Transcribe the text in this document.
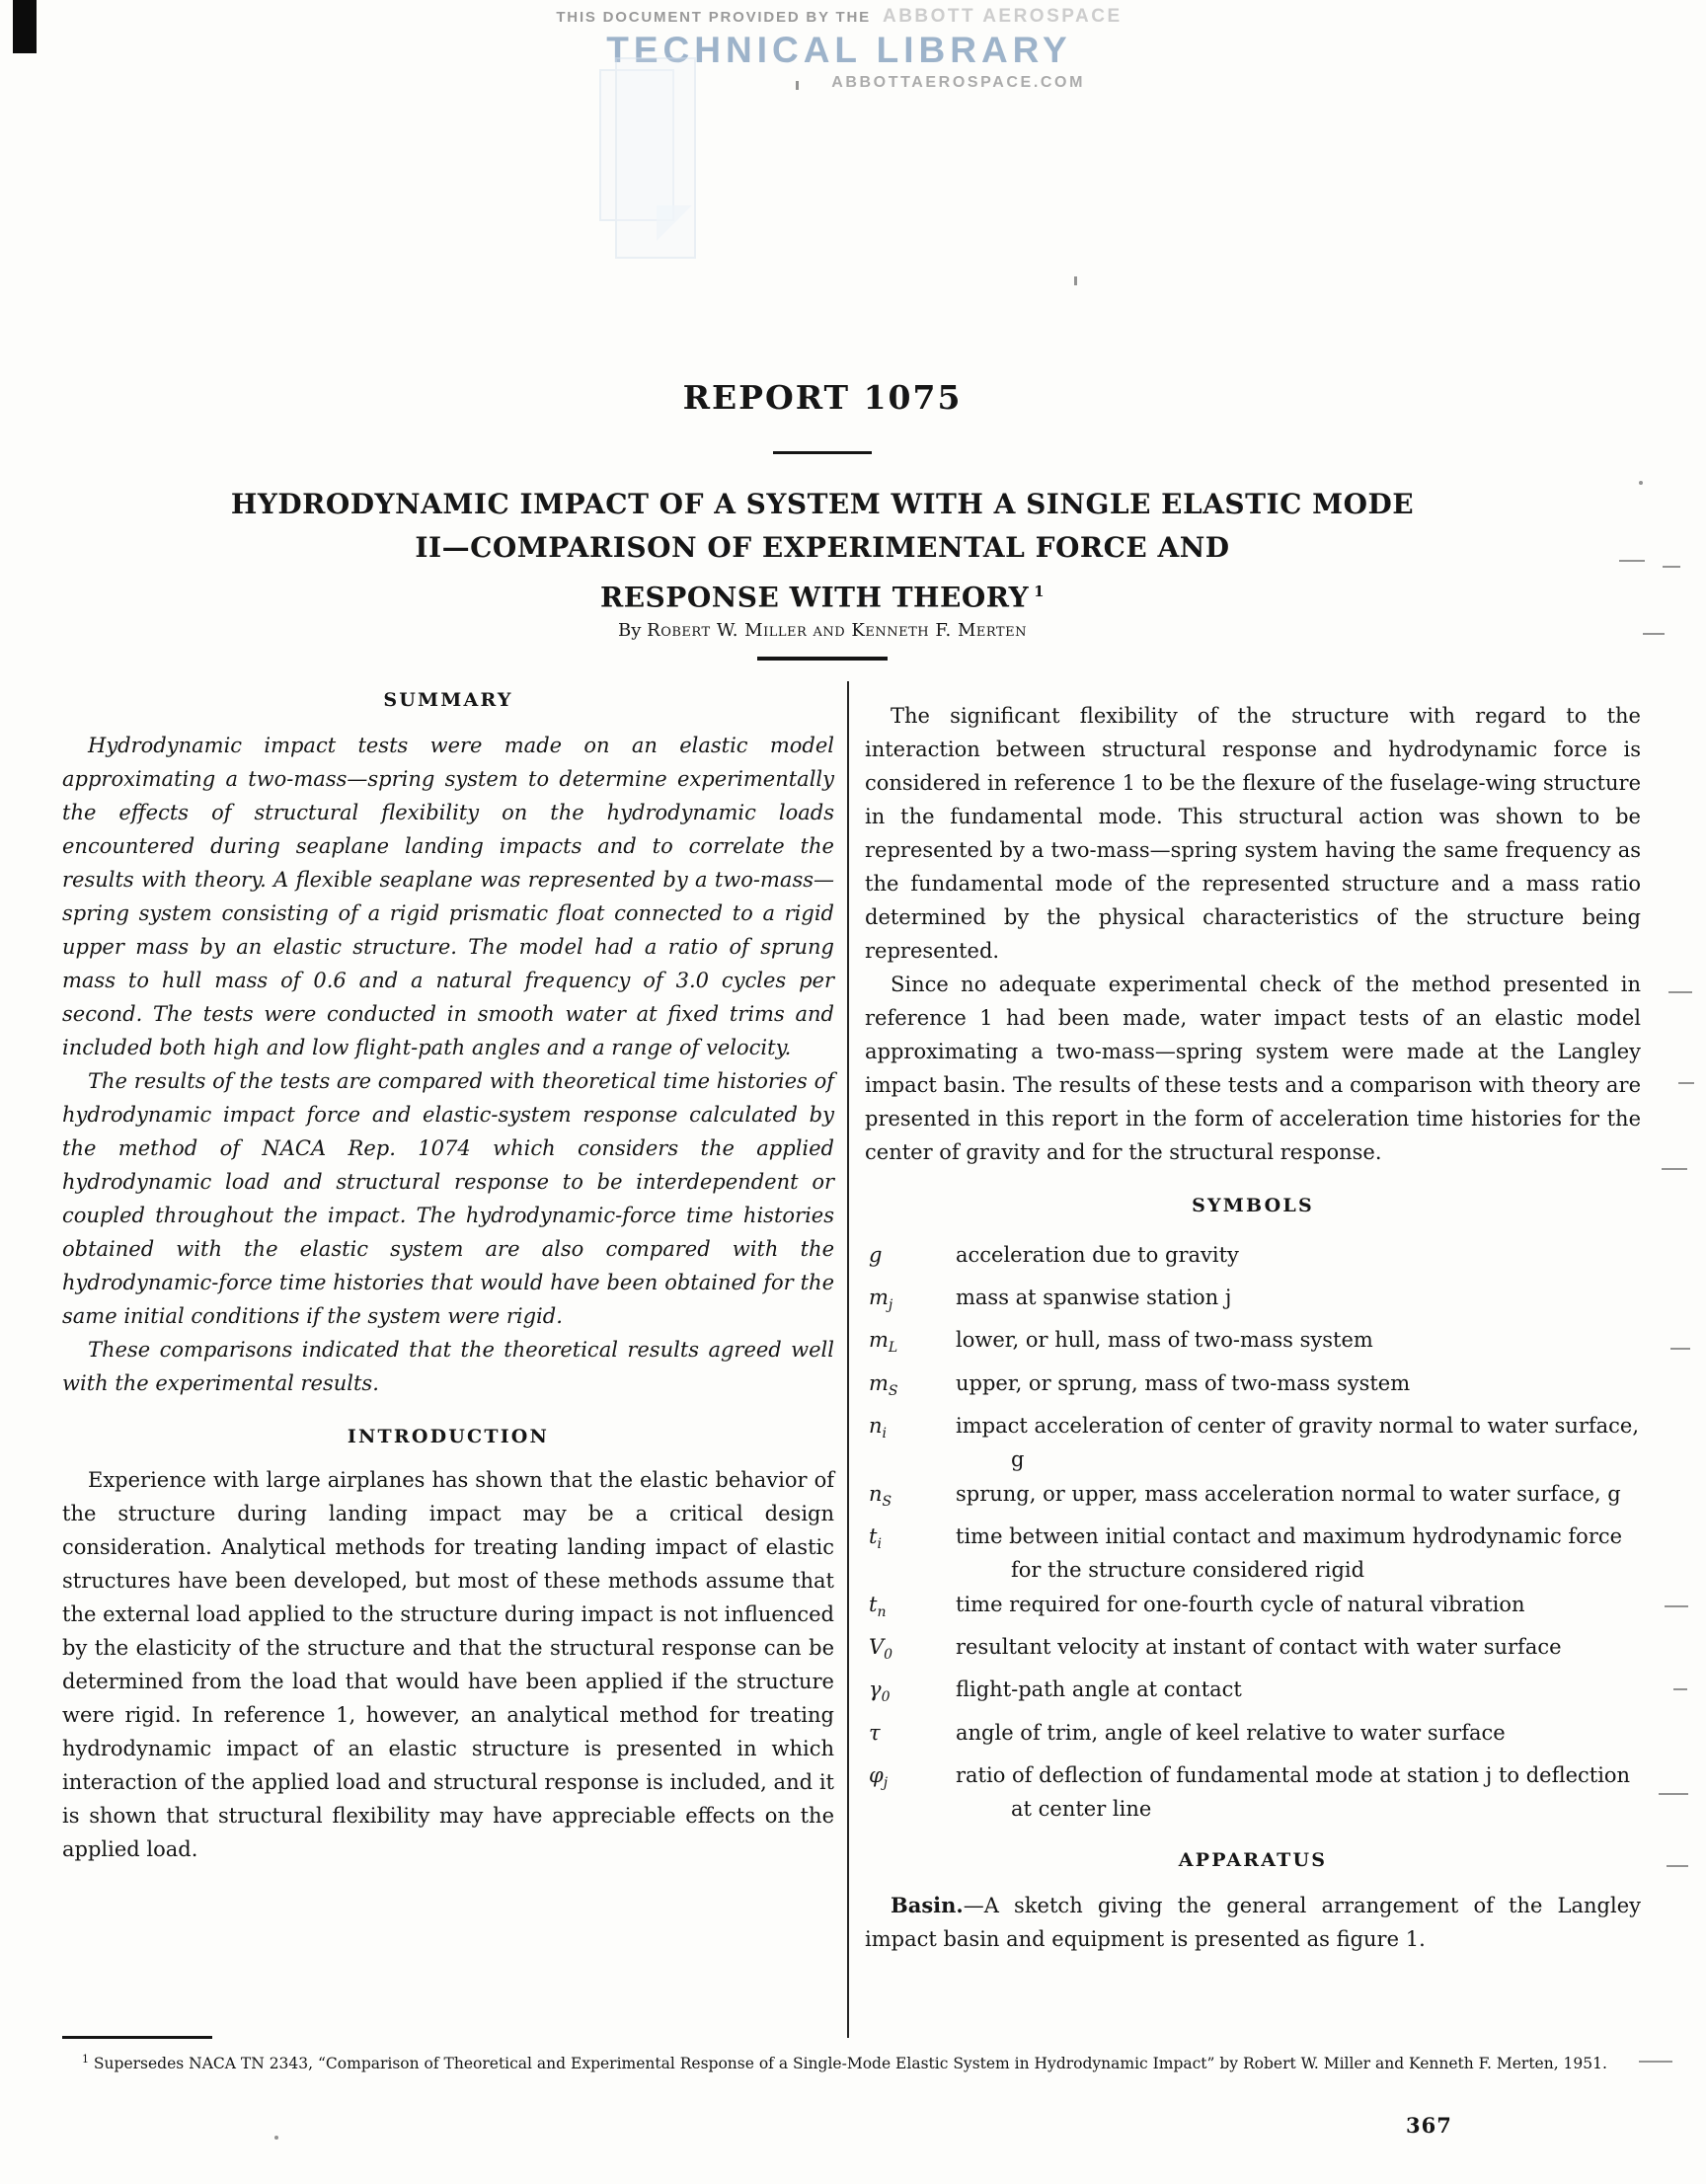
THIS DOCUMENT PROVIDED BY THE ABBOTT AEROSPACE
TECHNICAL LIBRARY
ABBOTTAEROSPACE.COM
REPORT 1075
HYDRODYNAMIC IMPACT OF A SYSTEM WITH A SINGLE ELASTIC MODE
II—COMPARISON OF EXPERIMENTAL FORCE AND
RESPONSE WITH THEORY $^1$
By Robert W. Miller and Kenneth F. Merten
SUMMARY

Hydrodynamic impact tests were made on an elastic model approximating a two-mass—spring system to determine experimentally the effects of structural flexibility on the hydrodynamic loads encountered during seaplane landing impacts and to correlate the results with theory. A flexible seaplane was represented by a two-mass—spring system consisting of a rigid prismatic float connected to a rigid upper mass by an elastic structure. The model had a ratio of sprung mass to hull mass of 0.6 and a natural frequency of 3.0 cycles per second. The tests were conducted in smooth water at fixed trims and included both high and low flight-path angles and a range of velocity.

The results of the tests are compared with theoretical time histories of hydrodynamic impact force and elastic-system response calculated by the method of NACA Rep. 1074 which considers the applied hydrodynamic load and structural response to be interdependent or coupled throughout the impact. The hydrodynamic-force time histories obtained with the elastic system are also compared with the hydrodynamic-force time histories that would have been obtained for the same initial conditions if the system were rigid.

These comparisons indicated that the theoretical results agreed well with the experimental results.

INTRODUCTION

Experience with large airplanes has shown that the elastic behavior of the structure during landing impact may be a critical design consideration. Analytical methods for treating landing impact of elastic structures have been developed, but most of these methods assume that the external load applied to the structure during impact is not influenced by the elasticity of the structure and that the structural response can be determined from the load that would have been applied if the structure were rigid. In reference 1, however, an analytical method for treating hydrodynamic impact of an elastic structure is presented in which interaction of the applied load and structural response is included, and it is shown that structural flexibility may have appreciable effects on the applied load.

The significant flexibility of the structure with regard to the interaction between structural response and hydrodynamic force is considered in reference 1 to be the flexure of the fuselage-wing structure in the fundamental mode. This structural action was shown to be represented by a two-mass—spring system having the same frequency as the fundamental mode of the represented structure and a mass ratio determined by the physical characteristics of the structure being represented.

Since no adequate experimental check of the method presented in reference 1 had been made, water impact tests of an elastic model approximating a two-mass—spring system were made at the Langley impact basin. The results of these tests and a comparison with theory are presented in this report in the form of acceleration time histories for the center of gravity and for the structural response.

SYMBOLS
g	acceleration due to gravity
$m_j$	mass at spanwise station j
$m_L$	lower, or hull, mass of two-mass system
$m_S$	upper, or sprung, mass of two-mass system
$n_i$	impact acceleration of center of gravity normal to water surface, g
$n_S$	sprung, or upper, mass acceleration normal to water surface, g
$t_i$	time between initial contact and maximum hydrodynamic force for the structure considered rigid
$t_n$	time required for one-fourth cycle of natural vibration
$V_0$	resultant velocity at instant of contact with water surface
$\gamma_0$	flight-path angle at contact
τ	angle of trim, angle of keel relative to water surface
$\varphi_j$	ratio of deflection of fundamental mode at station j to deflection at center line
APPARATUS

Basin.—A sketch giving the general arrangement of the Langley impact basin and equipment is presented as figure 1.

$^1$ Supersedes NACA TN 2343, “Comparison of Theoretical and Experimental Response of a Single-Mode Elastic System in Hydrodynamic Impact” by Robert W. Miller and Kenneth F. Merten, 1951.
367
